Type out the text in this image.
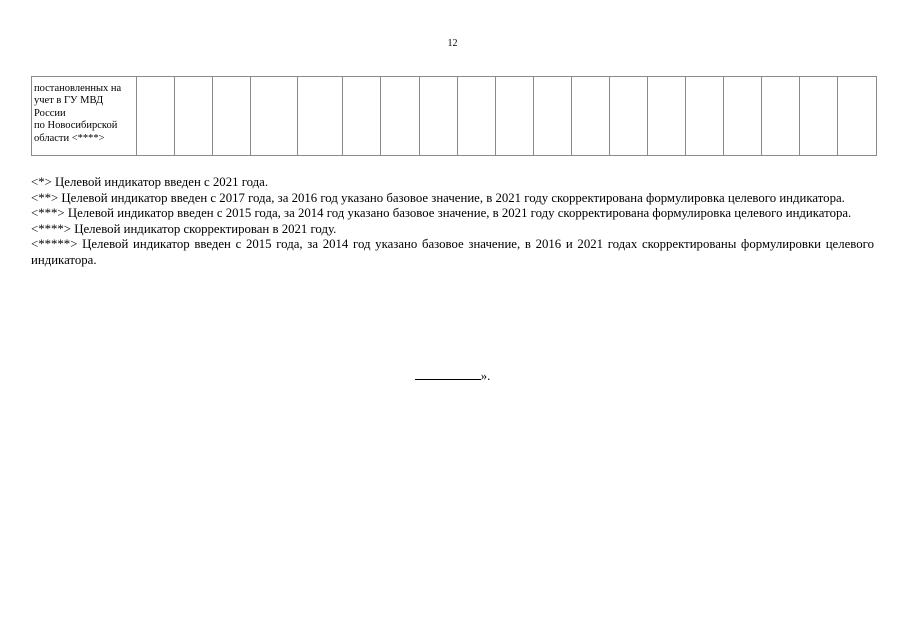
12
постановленных на
учет в ГУ МВД
России
по Новосибирской
области <****>

<*> Целевой индикатор введен с 2021 года.

<**> Целевой индикатор введен с 2017 года, за 2016 год указано базовое значение, в 2021 году скорректирована формулировка целевого индикатора.

<***> Целевой индикатор введен с 2015 года, за 2014 год указано базовое значение, в 2021 году скорректирована формулировка целевого индикатора.

<****> Целевой индикатор скорректирован в 2021 году.

<*****> Целевой индикатор введен с 2015 года, за 2014 год указано базовое значение, в 2016 и 2021 годах скорректированы формулировки целевого индикатора.

».
